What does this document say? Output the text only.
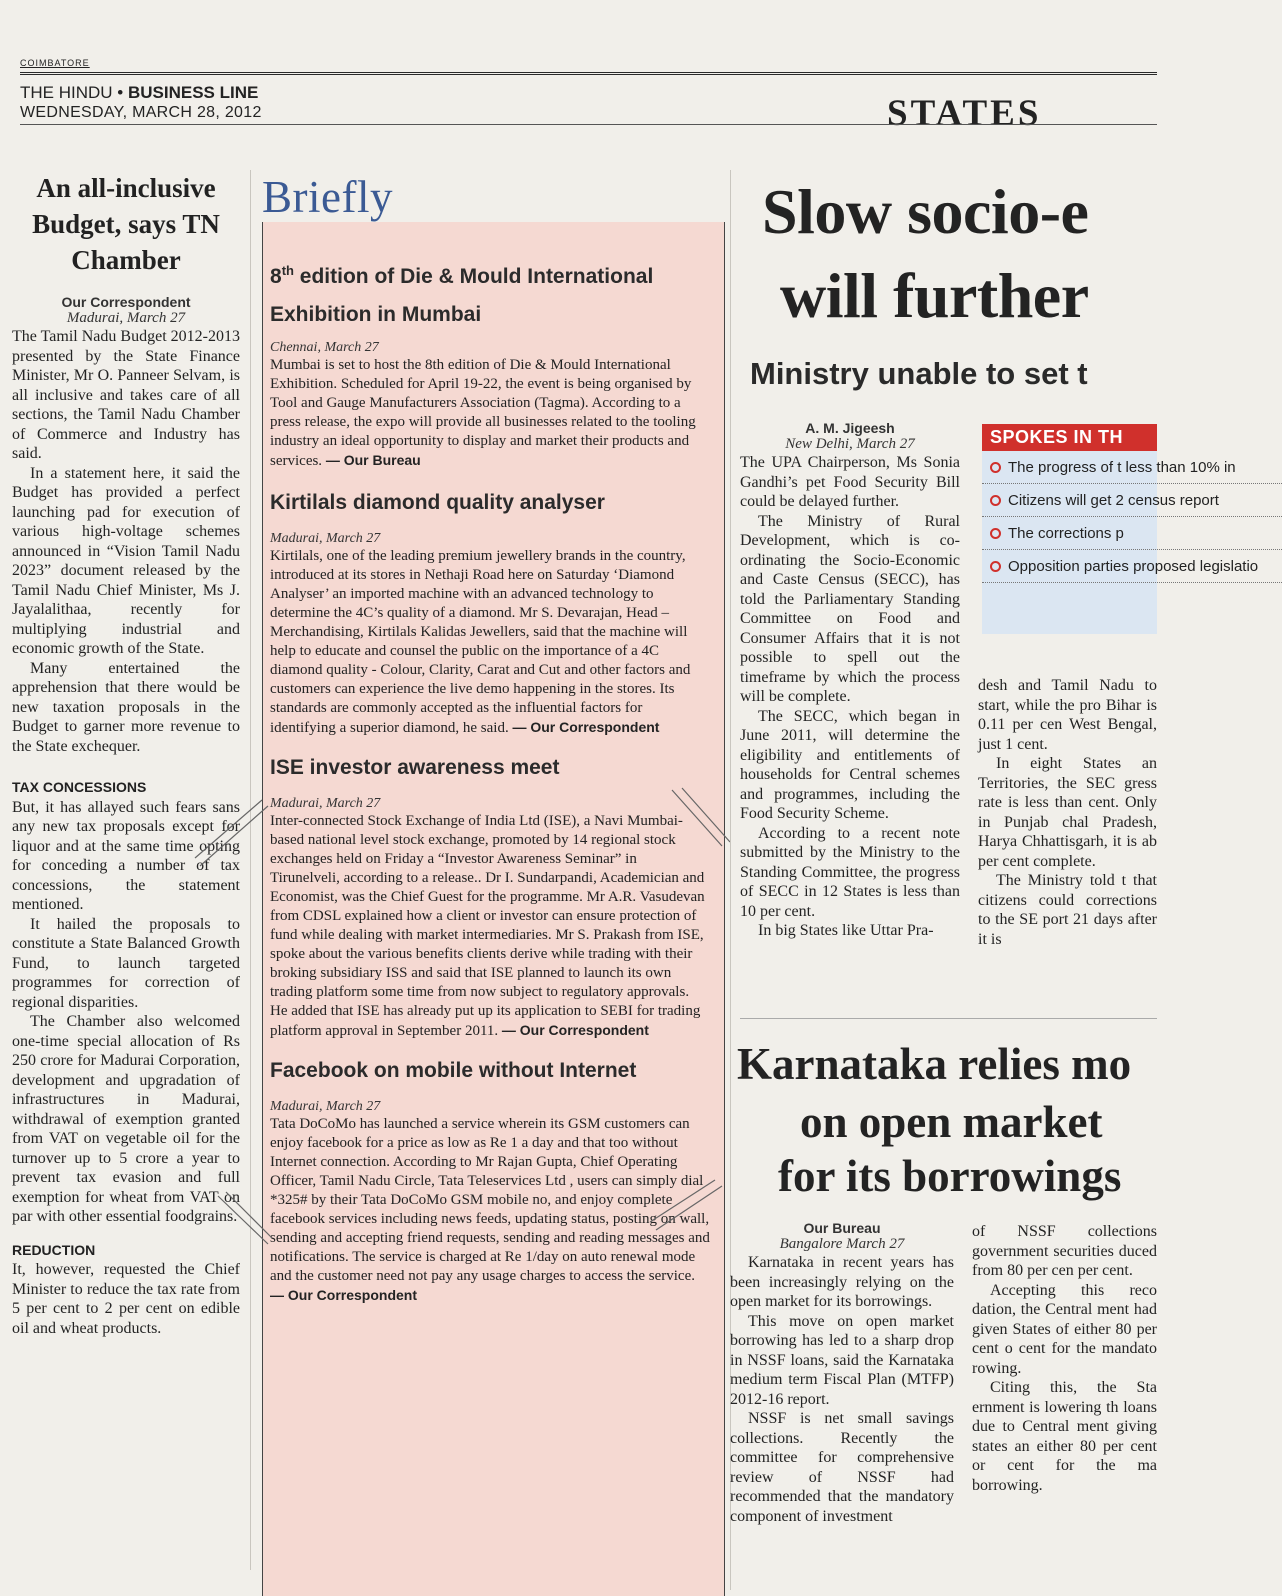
COIMBATORE
THE HINDU • BUSINESS LINE
WEDNESDAY, MARCH 28, 2012	STATES
An all-inclusive Budget, says TN Chamber
Our Correspondent
Madurai, March 27

The Tamil Nadu Budget 2012-2013 presented by the State Finance Minister, Mr O. Panneer Selvam, is all inclusive and takes care of all sections, the Tamil Nadu Chamber of Commerce and Industry has said.

In a statement here, it said the Budget has provided a perfect launching pad for execution of various high-voltage schemes announced in “Vision Tamil Nadu 2023” document released by the Tamil Nadu Chief Minister, Ms J. Jayalalithaa, recently for multiplying industrial and economic growth of the State.

Many entertained the apprehension that there would be new taxation proposals in the Budget to garner more revenue to the State exchequer.

TAX CONCESSIONS

But, it has allayed such fears sans any new tax proposals except for liquor and at the same time opting for conceding a number of tax concessions, the statement mentioned.

It hailed the proposals to constitute a State Balanced Growth Fund, to launch targeted programmes for correction of regional disparities.

The Chamber also welcomed one-time special allocation of Rs 250 crore for Madurai Corporation, development and upgradation of infrastructures in Madurai, withdrawal of exemption granted from VAT on vegetable oil for the turnover up to 5 crore a year to prevent tax evasion and full exemption for wheat from VAT on par with other essential foodgrains.

REDUCTION

It, however, requested the Chief Minister to reduce the tax rate from 5 per cent to 2 per cent on edible oil and wheat products.

Briefly
8th edition of Die & Mould International Exhibition in Mumbai
Chennai, March 27
Mumbai is set to host the 8th edition of Die & Mould International Exhibition. Scheduled for April 19-22, the event is being organised by Tool and Gauge Manufacturers Association (Tagma). According to a press release, the expo will provide all businesses related to the tooling industry an ideal opportunity to display and market their products and services. — Our Bureau
Kirtilals diamond quality analyser
Madurai, March 27
Kirtilals, one of the leading premium jewellery brands in the country, introduced at its stores in Nethaji Road here on Saturday ‘Diamond Analyser’ an imported machine with an advanced technology to determine the 4C’s quality of a diamond. Mr S. Devarajan, Head –Merchandising, Kirtilals Kalidas Jewellers, said that the machine will help to educate and counsel the public on the importance of a 4C diamond quality - Colour, Clarity, Carat and Cut and other factors and customers can experience the live demo happening in the stores. Its standards are commonly accepted as the influential factors for identifying a superior diamond, he said. — Our Correspondent
ISE investor awareness meet
Madurai, March 27
Inter-connected Stock Exchange of India Ltd (ISE), a Navi Mumbai-based national level stock exchange, promoted by 14 regional stock exchanges held on Friday a “Investor Awareness Seminar” in Tirunelveli, according to a release.. Dr I. Sundarpandi, Academician and Economist, was the Chief Guest for the programme. Mr A.R. Vasudevan from CDSL explained how a client or investor can ensure protection of fund while dealing with market intermediaries. Mr S. Prakash from ISE, spoke about the various benefits clients derive while trading with their broking subsidiary ISS and said that ISE planned to launch its own trading platform some time from now subject to regulatory approvals. He added that ISE has already put up its application to SEBI for trading platform approval in September 2011. — Our Correspondent
Facebook on mobile without Internet
Madurai, March 27
Tata DoCoMo has launched a service wherein its GSM customers can enjoy facebook for a price as low as Re 1 a day and that too without Internet connection. According to Mr Rajan Gupta, Chief Operating Officer, Tamil Nadu Circle, Tata Teleservices Ltd , users can simply dial *325# by their Tata DoCoMo GSM mobile no, and enjoy complete facebook services including news feeds, updating status, posting on wall, sending and accepting friend requests, sending and reading messages and notifications. The service is charged at Re 1/day on auto renewal mode and the customer need not pay any usage charges to access the service. — Our Correspondent
Slow socio-e
will further
Ministry unable to set t
A. M. Jigeesh
New Delhi, March 27

The UPA Chairperson, Ms Sonia Gandhi’s pet Food Security Bill could be delayed further.

The Ministry of Rural Development, which is co-ordinating the Socio-Economic and Caste Census (SECC), has told the Parliamentary Standing Committee on Food and Consumer Affairs that it is not possible to spell out the timeframe by which the process will be complete.

The SECC, which began in June 2011, will determine the eligibility and entitlements of households for Central schemes and programmes, including the Food Security Scheme.

According to a recent note submitted by the Ministry to the Standing Committee, the progress of SECC in 12 States is less than 10 per cent.

In big States like Uttar Pra-

SPOKES IN TH
The progress of t less than 10% in
Citizens will get 2 census report
The corrections p
Opposition parties proposed legislatio

desh and Tamil Nadu to start, while the pro Bihar is 0.11 per cen West Bengal, just 1 cent.

In eight States an Territories, the SEC gress rate is less than cent. Only in Punjab chal Pradesh, Harya Chhattisgarh, it is ab per cent complete.

The Ministry told t that citizens could corrections to the SE port 21 days after it is

Karnataka relies mo
on open market
for its borrowings
Our Bureau
Bangalore March 27

Karnataka in recent years has been increasingly relying on the open market for its borrowings.

This move on open market borrowing has led to a sharp drop in NSSF loans, said the Karnataka medium term Fiscal Plan (MTFP) 2012-16 report.

NSSF is net small savings collections. Recently the committee for comprehensive review of NSSF had recommended that the mandatory component of investment

of NSSF collections government securities duced from 80 per cen per cent.

Accepting this reco dation, the Central ment had given States of either 80 per cent o cent for the mandato rowing.

Citing this, the Sta ernment is lowering th loans due to Central ment giving states an either 80 per cent or cent for the ma borrowing.
